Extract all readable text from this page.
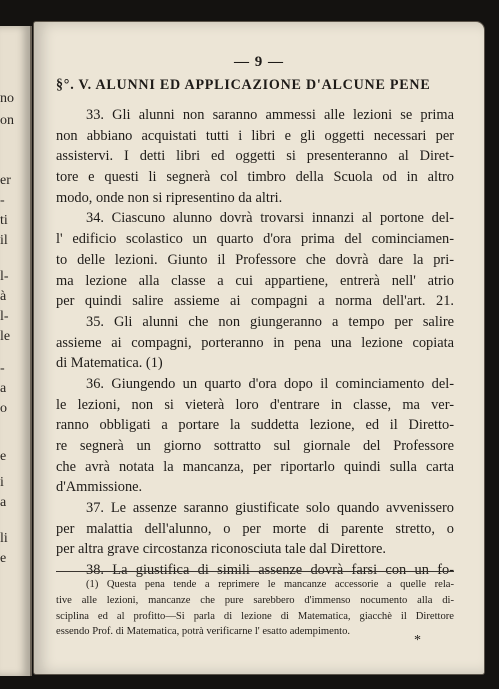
no
on
er
-
ti
il
l-
à
l-
le
-
a
o
e
i
a
li
e
— 9 —
§°. V. ALUNNI ED APPLICAZIONE D'ALCUNE PENE
33. Gli alunni non saranno ammessi alle lezioni se prima
non abbiano acquistati tutti i libri e gli oggetti necessari per
assistervi. I detti libri ed oggetti si presenteranno al Diret-
tore e questi li segnerà col timbro della Scuola od in altro
modo, onde non si ripresentino da altri.
34. Ciascuno alunno dovrà trovarsi innanzi al portone del-
l' edificio scolastico un quarto d'ora prima del cominciamen-
to delle lezioni. Giunto il Professore che dovrà dare la pri-
ma lezione alla classe a cui appartiene, entrerà nell' atrio
per quindi salire assieme ai compagni a norma dell'art. 21.
35. Gli alunni che non giungeranno a tempo per salire
assieme ai compagni, porteranno in pena una lezione copiata
di Matematica. (1)
36. Giungendo un quarto d'ora dopo il cominciamento del-
le lezioni, non si vieterà loro d'entrare in classe, ma ver-
ranno obbligati a portare la suddetta lezione, ed il Diretto-
re segnerà un giorno sottratto sul giornale del Professore
che avrà notata la mancanza, per riportarlo quindi sulla carta
d'Ammissione.
37. Le assenze saranno giustificate solo quando avvenissero
per malattia dell'alunno, o per morte di parente stretto, o
per altra grave circostanza riconosciuta tale dal Direttore.
38. La giustifica di simili assenze dovrà farsi con un fo-
(1) Questa pena tende a reprimere le mancanze accessorie a quelle rela-
tive alle lezioni, mancanze che pure sarebbero d'immenso nocumento alla di-
sciplina ed al profitto—Si parla di lezione di Matematica, giacchè il Direttore
essendo Prof. di Matematica, potrà verificarne l' esatto adempimento.
*
